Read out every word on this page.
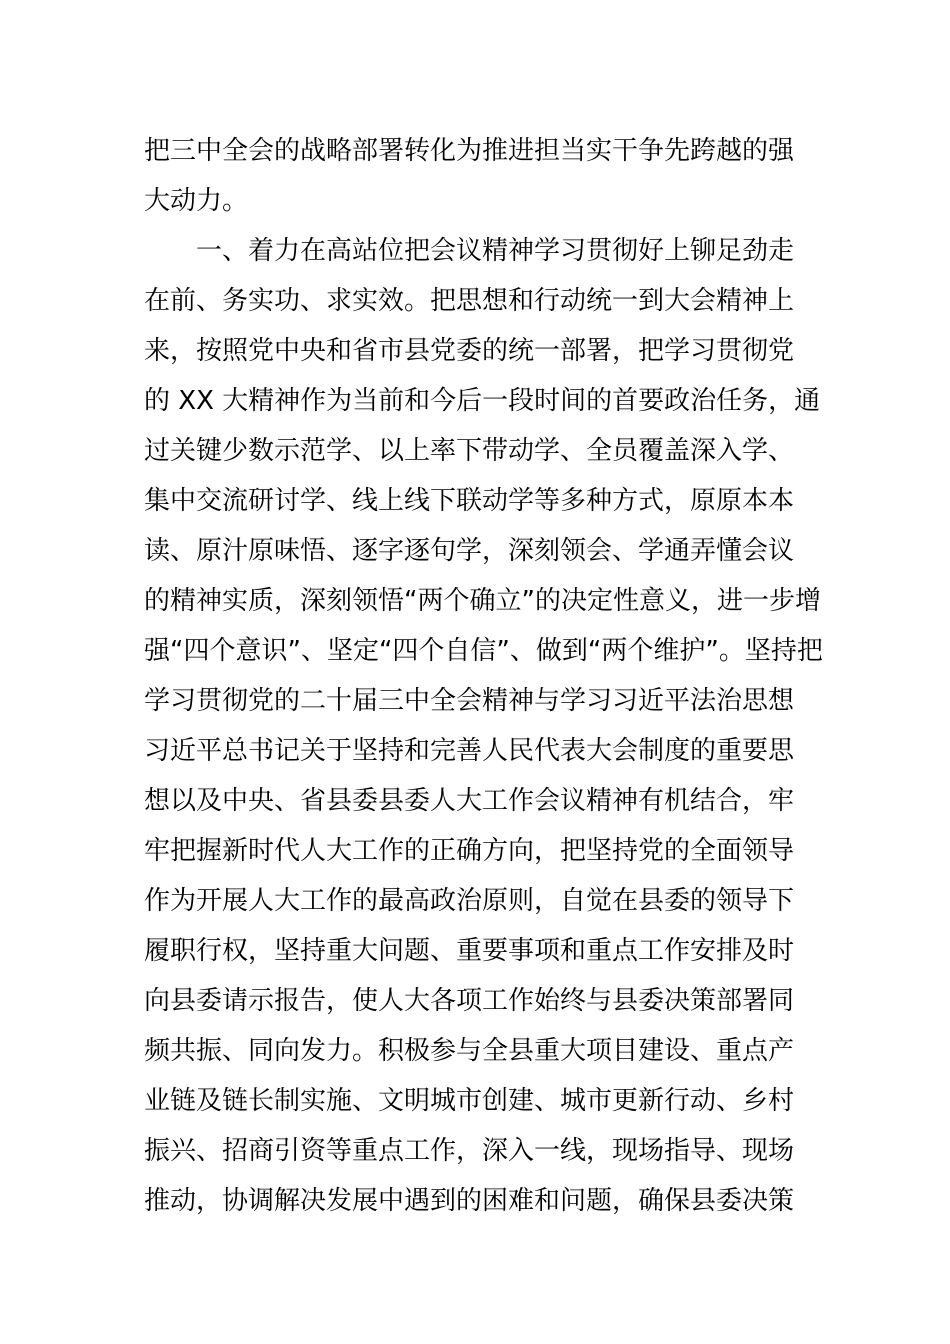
把三中全会的战略部署转化为推进担当实干争先跨越的强
大动力。
　　一、着力在高站位把会议精神学习贯彻好上铆足劲走
在前、务实功、求实效。把思想和行动统一到大会精神上
来，按照党中央和省市县党委的统一部署，把学习贯彻党
的 XX 大精神作为当前和今后一段时间的首要政治任务，通
过关键少数示范学、以上率下带动学、全员覆盖深入学、
集中交流研讨学、线上线下联动学等多种方式，原原本本
读、原汁原味悟、逐字逐句学，深刻领会、学通弄懂会议
的精神实质，深刻领悟“两个确立”的决定性意义，进一步增
强“四个意识”、坚定“四个自信”、做到“两个维护”。坚持把
学习贯彻党的二十届三中全会精神与学习习近平法治思想
习近平总书记关于坚持和完善人民代表大会制度的重要思
想以及中央、省县委县委人大工作会议精神有机结合，牢
牢把握新时代人大工作的正确方向，把坚持党的全面领导
作为开展人大工作的最高政治原则，自觉在县委的领导下
履职行权，坚持重大问题、重要事项和重点工作安排及时
向县委请示报告，使人大各项工作始终与县委决策部署同
频共振、同向发力。积极参与全县重大项目建设、重点产
业链及链长制实施、文明城市创建、城市更新行动、乡村
振兴、招商引资等重点工作，深入一线，现场指导、现场
推动，协调解决发展中遇到的困难和问题，确保县委决策
